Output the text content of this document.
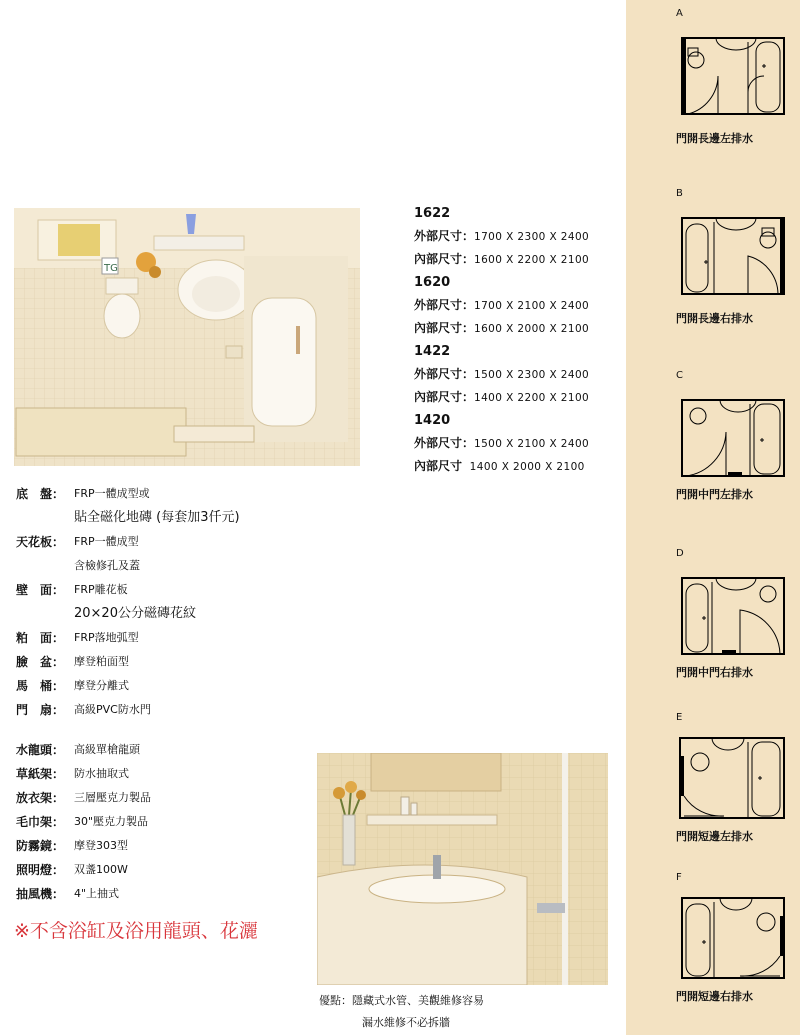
TG
1622
外部尺寸：1700 X 2300 X 2400
內部尺寸：1600 X 2200 X 2100
1620
外部尺寸：1700 X 2100 X 2400
內部尺寸：1600 X 2000 X 2100
1422
外部尺寸：1500 X 2300 X 2400
內部尺寸：1400 X 2200 X 2100
1420
外部尺寸：1500 X 2100 X 2400
內部尺寸 1400 X 2000 X 2100
底　盤： FRP一體成型或
貼全磁化地磚 (每套加3仟元)
天花板： FRP一體成型
含檢修孔及蓋
壁　面： FRP雕花板
20×20公分磁磚花紋
粕　面： FRP落地弧型
臉　盆： 摩登粕面型
馬　桶： 摩登分離式
門　扇： 高級PVC防水門
水龍頭： 高級單槍龍頭
草紙架： 防水抽取式
放衣架： 三層壓克力製品
毛巾架： 30"壓克力製品
防霧鏡： 摩登303型
照明燈： 双盞100W
抽風機： 4"上抽式
※不含浴缸及浴用龍頭、花灑
優點：隱藏式水管、美觀維修容易
漏水維修不必拆牆
A
門開長邊左排水
B
門開長邊右排水
C
門開中門左排水
D
門開中門右排水
E
門開短邊左排水
F
門開短邊右排水
